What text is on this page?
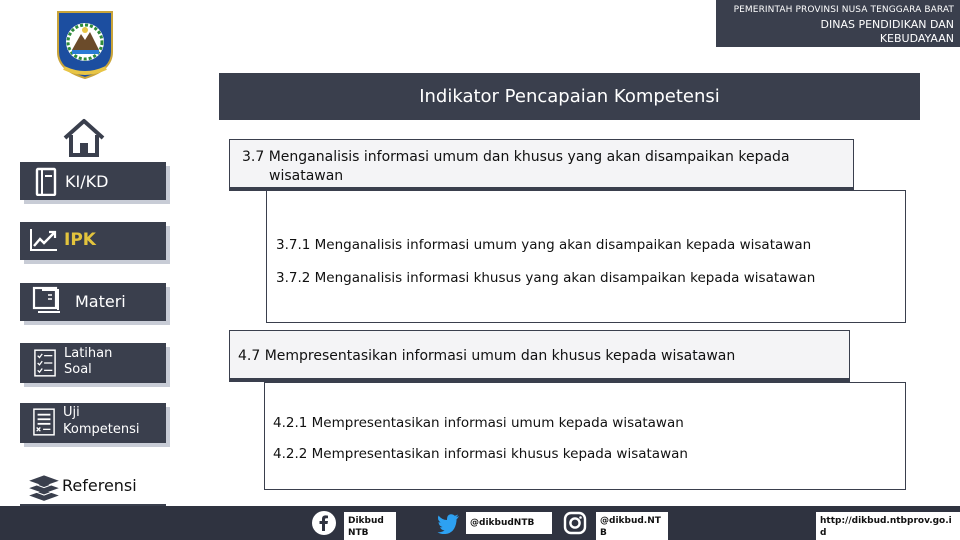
PEMERINTAH PROVINSI NUSA TENGGARA BARAT
DINAS PENDIDIKAN DAN
KEBUDAYAAN
Indikator Pencapaian Kompetensi
KI/KD
IPK
Materi
Latihan
Soal
Uji
Kompetensi
Referensi
3.7 Menganalisis informasi umum dan khusus yang akan disampaikan kepada
wisatawan
3.7.1 Menganalisis informasi umum yang akan disampaikan kepada wisatawan
3.7.2 Menganalisis informasi khusus yang akan disampaikan kepada wisatawan
4.7 Mempresentasikan informasi umum dan khusus kepada wisatawan
4.2.1 Mempresentasikan informasi umum kepada wisatawan
4.2.2 Mempresentasikan informasi khusus kepada wisatawan
Dikbud
NTB
@dikbudNTB	@dikbud.NT
B
http://dikbud.ntbprov.go.i
d
